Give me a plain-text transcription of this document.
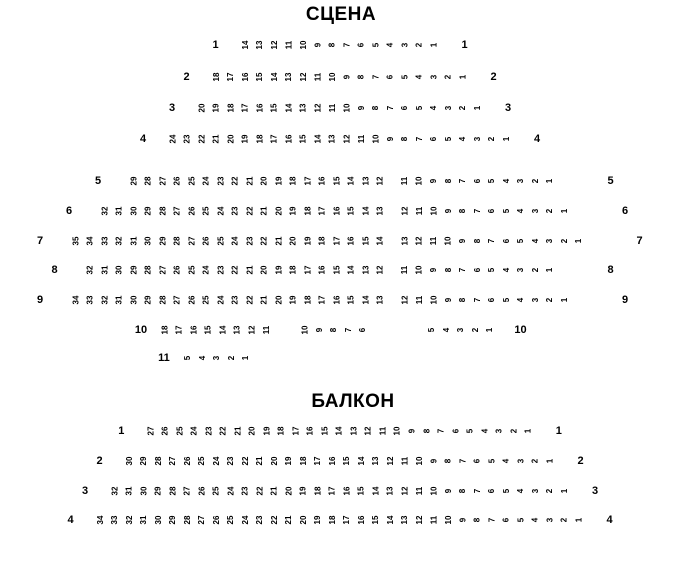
СЦЕНА
1	14 13 12 11 10 9 8 7 6 5 4 3 2 1	1
2	18 17 16 15 14 13 12 11 10 9 8 7 6 5 4 3 2 1	2
3	20 19 18 17 16 15 14 13 12 11 10 9 8 7 6 5 4 3 2 1	3
4	24 23 22 21 20 19 18 17 16 15 14 13 12 11 10 9 8 7 6 5 4 3 2 1	4
5	29 28 27 26 25 24 23 22 21 20 19 18 17 16 15 14 13 12 11 10 9 8 7 6 5 4 3 2 1	5
6	32 31 30 29 28 27 26 25 24 23 22 21 20 19 18 17 16 15 14 13 12 11 10 9 8 7 6 5 4 3 2 1	6
7	35 34 33 32 31 30 29 28 27 26 25 24 23 22 21 20 19 18 17 16 15 14 13 12 11 10 9 8 7 6 5 4 3 2 1	7
8	32 31 30 29 28 27 26 25 24 23 22 21 20 19 18 17 16 15 14 13 12 11 10 9 8 7 6 5 4 3 2 1	8
9	34 33 32 31 30 29 28 27 26 25 24 23 22 21 20 19 18 17 16 15 14 13 12 11 10 9 8 7 6 5 4 3 2 1	9
10	18 17 16 15 14 13 12 11	10 9 8 7 6	5 4 3 2 1 10
11	5 4 3 2 1
БАЛКОН
1	27 26 25 24 23 22 21 20 19 18 17 16 15 14 13 12 11 10 9 8 7 6 5 4 3 2 1	1
2	30 29 28 27 26 25 24 23 22 21 20 19 18 17 16 15 14 13 12 11 10 9 8 7 6 5 4 3 2 1	2
3	32 31 30 29 28 27 26 25 24 23 22 21 20 19 18 17 16 15 14 13 12 11 10 9 8 7 6 5 4 3 2 1	3
4	34 33 32 31 30 29 28 27 26 25 24 23 22 21 20 19 18 17 16 15 14 13 12 11 10 9 8 7 6 5 4 3 2 1	4
